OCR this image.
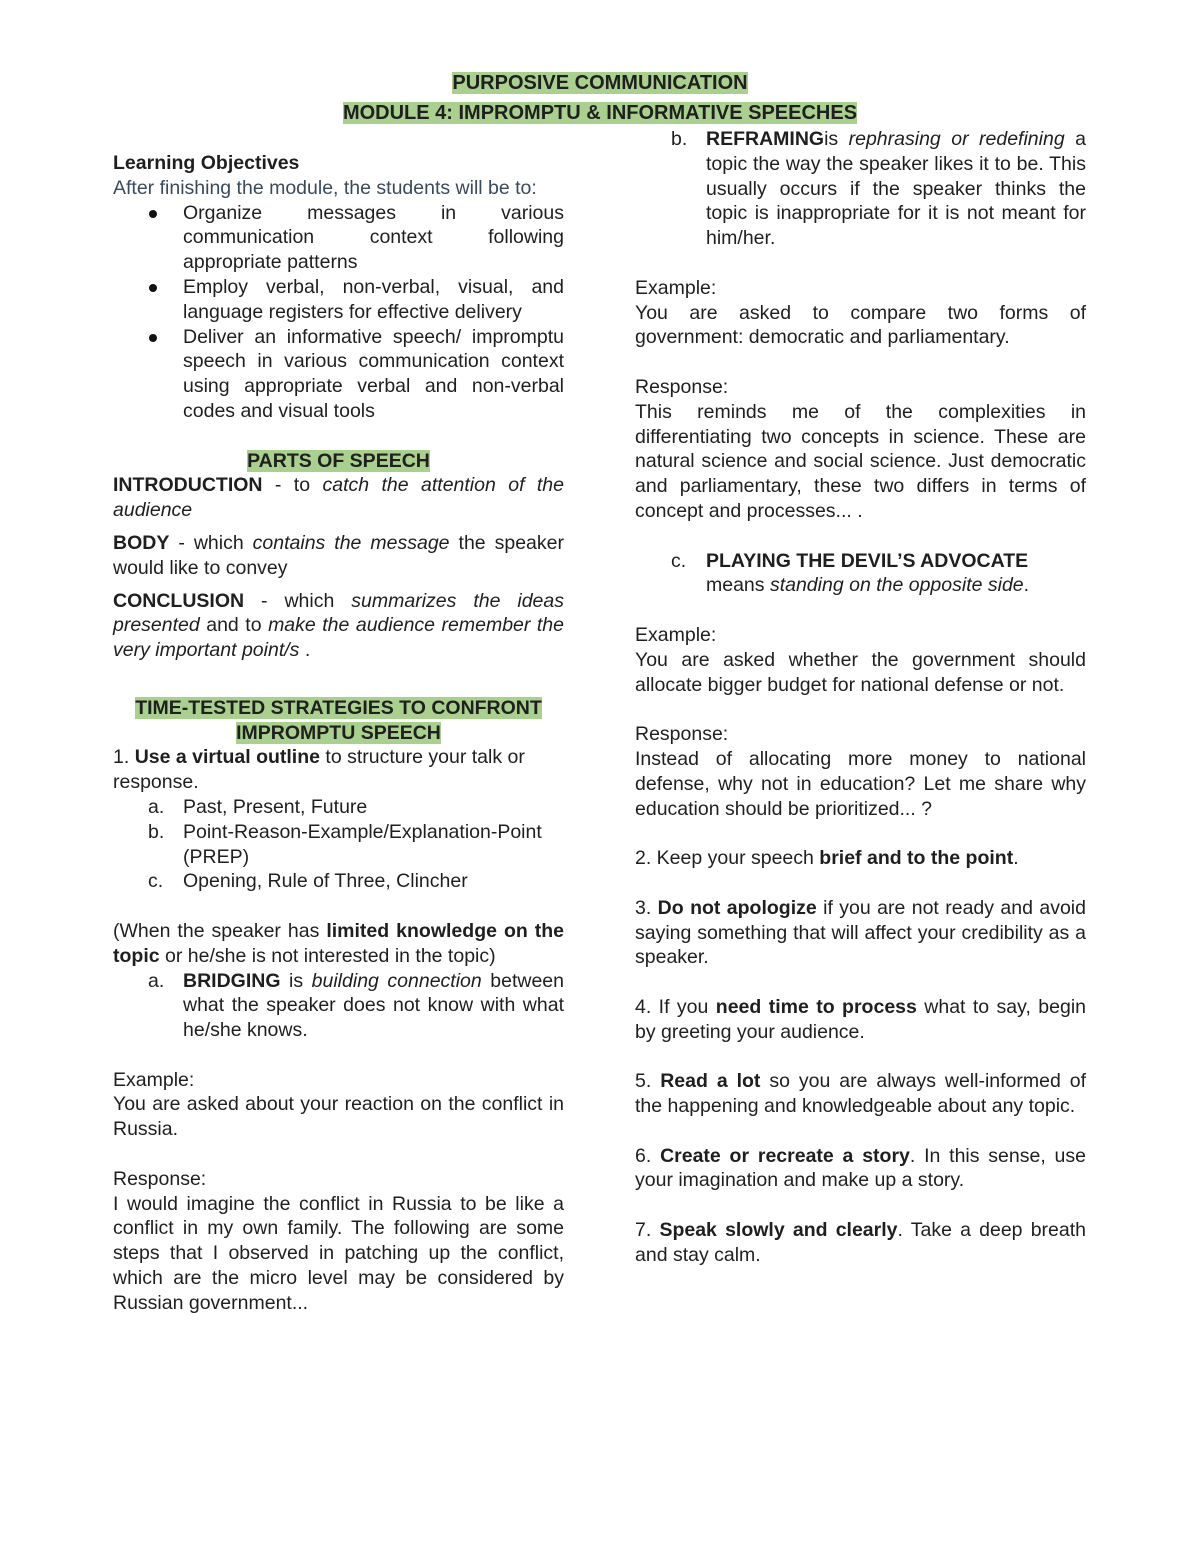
PURPOSIVE COMMUNICATION
MODULE 4: IMPROMPTU & INFORMATIVE SPEECHES
Learning Objectives
After finishing the module, the students will be to:
Organize messages in various communication context following appropriate patterns
Employ verbal, non-verbal, visual, and language registers for effective delivery
Deliver an informative speech/ impromptu speech in various communication context using appropriate verbal and non-verbal codes and visual tools
PARTS OF SPEECH
INTRODUCTION - to catch the attention of the audience
BODY - which contains the message the speaker would like to convey
CONCLUSION - which summarizes the ideas presented and to make the audience remember the very important point/s .
TIME-TESTED STRATEGIES TO CONFRONT
IMPROMPTU SPEECH
1. Use a virtual outline to structure your talk or response.
a. Past, Present, Future
b. Point-Reason-Example/Explanation-Point (PREP)
c. Opening, Rule of Three, Clincher
(When the speaker has limited knowledge on the topic or he/she is not interested in the topic)
a. BRIDGING is building connection between what the speaker does not know with what he/she knows.
Example:
You are asked about your reaction on the conflict in Russia.
Response:
I would imagine the conflict in Russia to be like a conflict in my own family. The following are some steps that I observed in patching up the conflict, which are the micro level may be considered by Russian government...
b. REFRAMINGis rephrasing or redefining a topic the way the speaker likes it to be. This usually occurs if the speaker thinks the topic is inappropriate for it is not meant for him/her.
Example:
You are asked to compare two forms of government: democratic and parliamentary.
Response:
This reminds me of the complexities in differentiating two concepts in science. These are natural science and social science. Just democratic and parliamentary, these two differs in terms of concept and processes... .
c. PLAYING THE DEVIL’S ADVOCATE
means standing on the opposite side.
Example:
You are asked whether the government should allocate bigger budget for national defense or not.
Response:
Instead of allocating more money to national defense, why not in education? Let me share why education should be prioritized... ?
2. Keep your speech brief and to the point.
3. Do not apologize if you are not ready and avoid saying something that will affect your credibility as a speaker.
4. If you need time to process what to say, begin by greeting your audience.
5. Read a lot so you are always well-informed of the happening and knowledgeable about any topic.
6. Create or recreate a story. In this sense, use your imagination and make up a story.
7. Speak slowly and clearly. Take a deep breath and stay calm.
